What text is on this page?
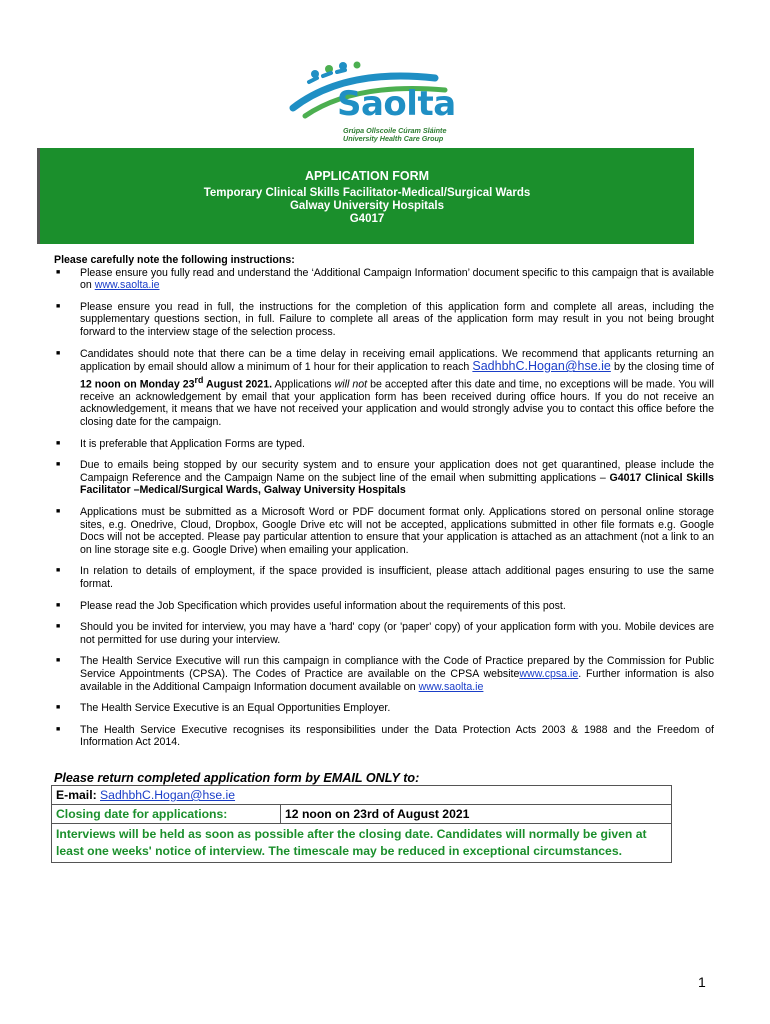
Saolta
Grúpa Ollscoile Cúram Sláinte
University Health Care Group
APPLICATION FORM
Temporary Clinical Skills Facilitator-Medical/Surgical Wards
Galway University Hospitals
G4017
Please carefully note the following instructions:
■ Please ensure you fully read and understand the ‘Additional Campaign Information’ document specific to this campaign that is available on www.saolta.ie
■ Please ensure you read in full, the instructions for the completion of this application form and complete all areas, including the supplementary questions section, in full. Failure to complete all areas of the application form may result in you not being brought forward to the interview stage of the selection process.
■ Candidates should note that there can be a time delay in receiving email applications. We recommend that applicants returning an application by email should allow a minimum of 1 hour for their application to reach SadhbhC.Hogan@hse.ie by the closing time of 12 noon on Monday 23rd August 2021. Applications will not be accepted after this date and time, no exceptions will be made. You will receive an acknowledgement by email that your application form has been received during office hours. If you do not receive an acknowledgement, it means that we have not received your application and would strongly advise you to contact this office before the closing date for the campaign.
■ It is preferable that Application Forms are typed.
■ Due to emails being stopped by our security system and to ensure your application does not get quarantined, please include the Campaign Reference and the Campaign Name on the subject line of the email when submitting applications – G4017 Clinical Skills Facilitator –Medical/Surgical Wards, Galway University Hospitals
■ Applications must be submitted as a Microsoft Word or PDF document format only. Applications stored on personal online storage sites, e.g. Onedrive, Cloud, Dropbox, Google Drive etc will not be accepted, applications submitted in other file formats e.g. Google Docs will not be accepted. Please pay particular attention to ensure that your application is attached as an attachment (not a link to an on line storage site e.g. Google Drive) when emailing your application.
■ In relation to details of employment, if the space provided is insufficient, please attach additional pages ensuring to use the same format.
■ Please read the Job Specification which provides useful information about the requirements of this post.
■ Should you be invited for interview, you may have a 'hard' copy (or 'paper' copy) of your application form with you. Mobile devices are not permitted for use during your interview.
■ The Health Service Executive will run this campaign in compliance with the Code of Practice prepared by the Commission for Public Service Appointments (CPSA). The Codes of Practice are available on the CPSA websitewww.cpsa.ie. Further information is also available in the Additional Campaign Information document available on www.saolta.ie
■ The Health Service Executive is an Equal Opportunities Employer.
■ The Health Service Executive recognises its responsibilities under the Data Protection Acts 2003 & 1988 and the Freedom of Information Act 2014.
Please return completed application form by EMAIL ONLY to:
E-mail: SadhbhC.Hogan@hse.ie
Closing date for applications:	12 noon on 23rd of August 2021
Interviews will be held as soon as possible after the closing date. Candidates will normally be given at least one weeks' notice of interview. The timescale may be reduced in exceptional circumstances.
1
